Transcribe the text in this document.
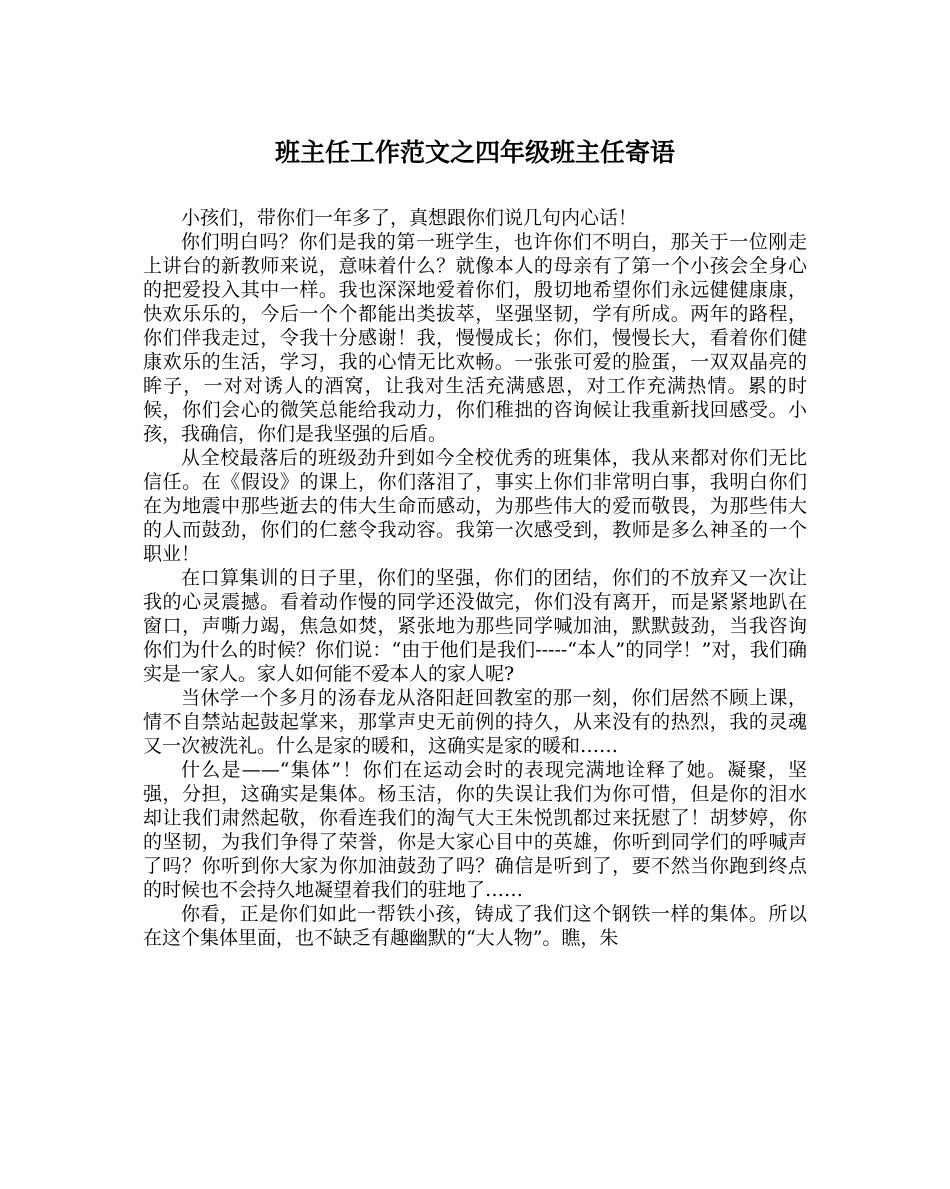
班主任工作范文之四年级班主任寄语

小孩们，带你们一年多了，真想跟你们说几句内心话！

你们明白吗？你们是我的第一班学生，也许你们不明白，那关于一位刚走上讲台的新教师来说，意味着什么？就像本人的母亲有了第一个小孩会全身心的把爱投入其中一样。我也深深地爱着你们，殷切地希望你们永远健健康康，快欢乐乐的，今后一个个都能出类拔萃，坚强坚韧，学有所成。两年的路程，你们伴我走过，令我十分感谢！我，慢慢成长；你们，慢慢长大，看着你们健康欢乐的生活，学习，我的心情无比欢畅。一张张可爱的脸蛋，一双双晶亮的眸子，一对对诱人的酒窝，让我对生活充满感恩，对工作充满热情。累的时候，你们会心的微笑总能给我动力，你们稚拙的咨询候让我重新找回感受。小孩，我确信，你们是我坚强的后盾。

从全校最落后的班级劲升到如今全校优秀的班集体，我从来都对你们无比信任。在《假设》的课上，你们落泪了，事实上你们非常明白事，我明白你们在为地震中那些逝去的伟大生命而感动，为那些伟大的爱而敬畏，为那些伟大的人而鼓劲，你们的仁慈令我动容。我第一次感受到，教师是多么神圣的一个职业！

在口算集训的日子里，你们的坚强，你们的团结，你们的不放弃又一次让我的心灵震撼。看着动作慢的同学还没做完，你们没有离开，而是紧紧地趴在窗口，声嘶力竭，焦急如焚，紧张地为那些同学喊加油，默默鼓劲，当我咨询你们为什么的时候？你们说：“由于他们是我们-----“本人”的同学！”对，我们确实是一家人。家人如何能不爱本人的家人呢?

当休学一个多月的汤春龙从洛阳赶回教室的那一刻，你们居然不顾上课，情不自禁站起鼓起掌来，那掌声史无前例的持久，从来没有的热烈，我的灵魂又一次被洗礼。什么是家的暖和，这确实是家的暖和……

什么是——“集体”！你们在运动会时的表现完满地诠释了她。凝聚，坚强，分担，这确实是集体。杨玉洁，你的失误让我们为你可惜，但是你的泪水却让我们肃然起敬，你看连我们的淘气大王朱悦凯都过来抚慰了！胡梦婷，你的坚韧，为我们争得了荣誉，你是大家心目中的英雄，你听到同学们的呼喊声了吗？你听到你大家为你加油鼓劲了吗？确信是听到了，要不然当你跑到终点的时候也不会持久地凝望着我们的驻地了……

你看，正是你们如此一帮铁小孩，铸成了我们这个钢铁一样的集体。所以在这个集体里面，也不缺乏有趣幽默的“大人物”。瞧，朱
